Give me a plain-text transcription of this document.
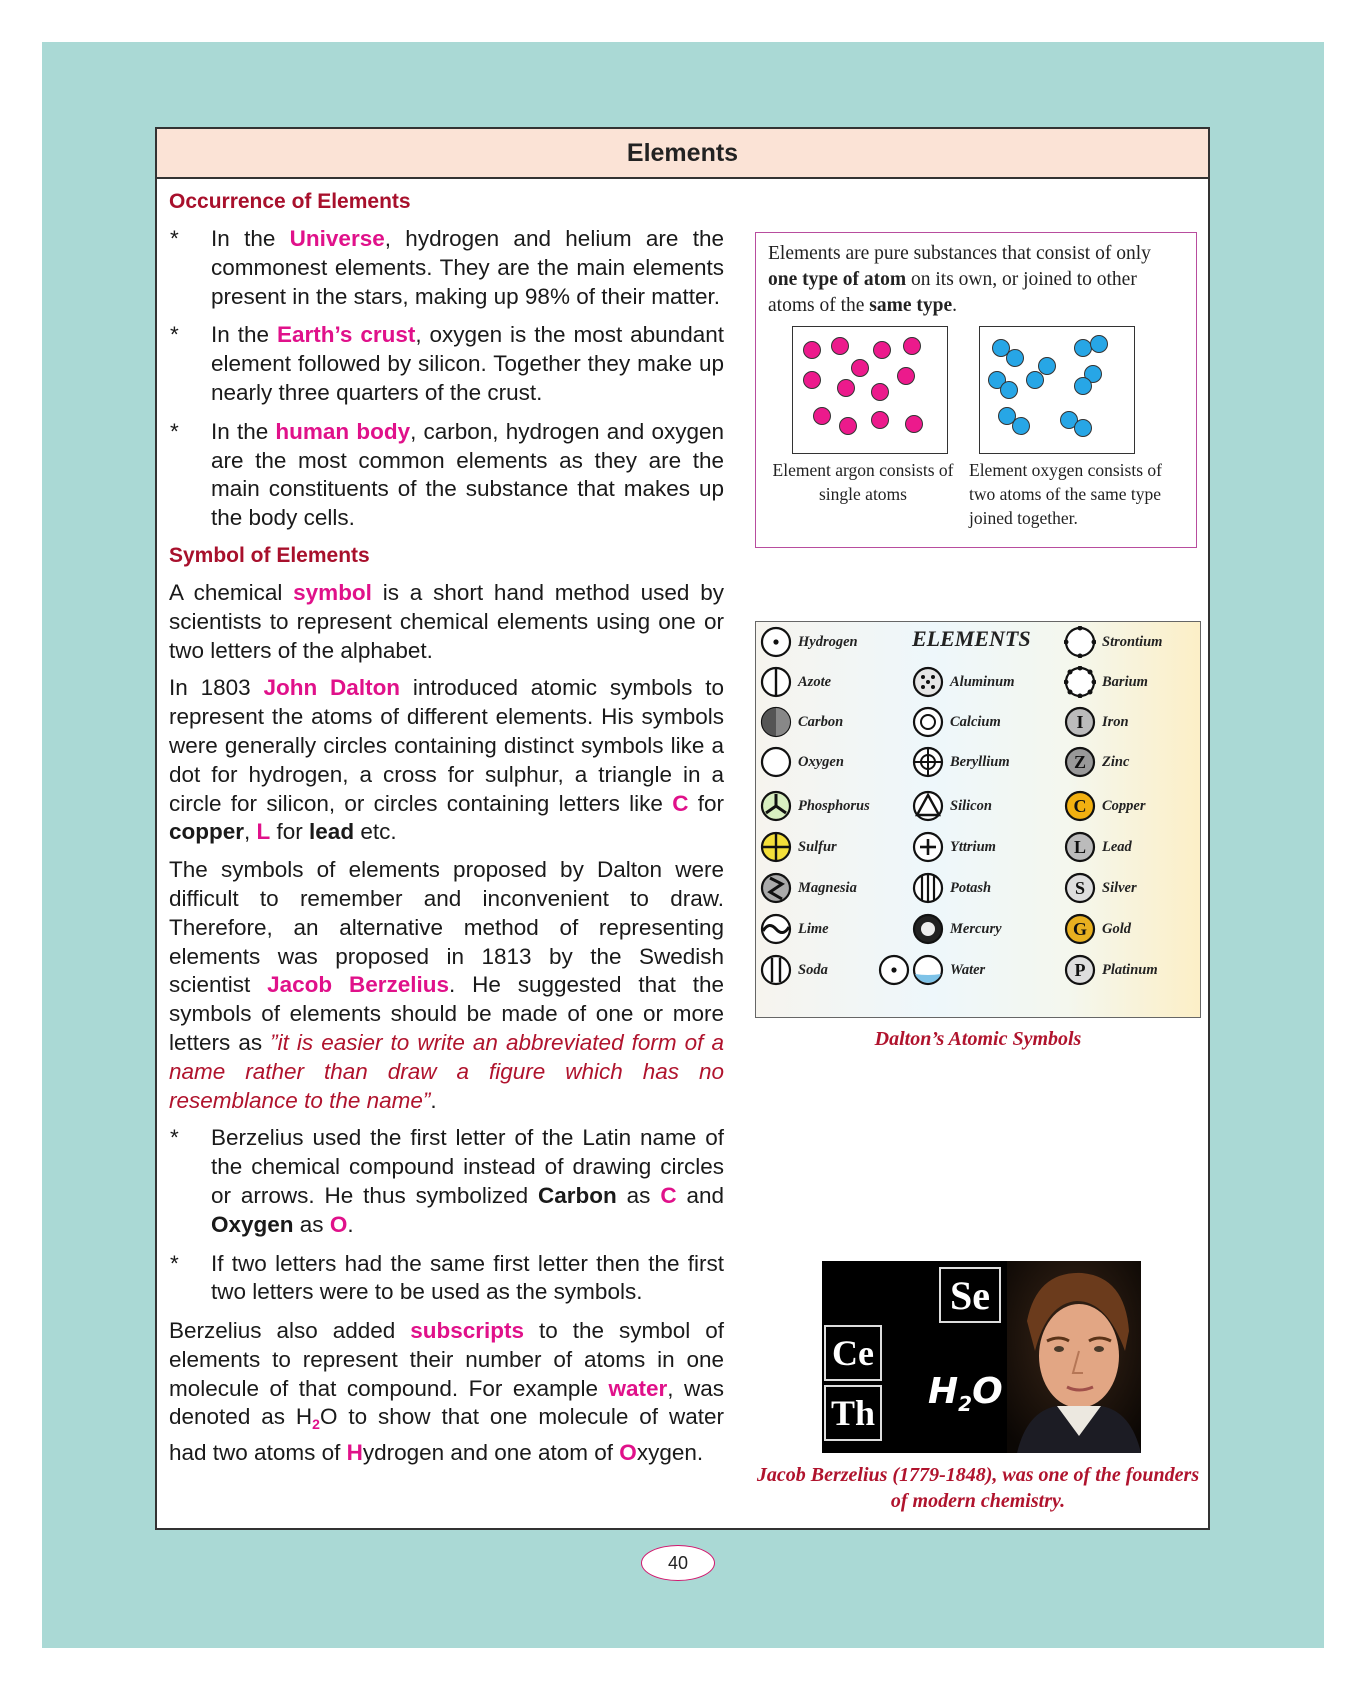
Elements
Occurrence of Elements
*	In the Universe, hydrogen and helium are the commonest elements. They are the main elements present in the stars, making up 98% of their matter.
*	In the Earth’s crust, oxygen is the most abundant element followed by silicon. Together they make up nearly three quarters of the crust.
*	In the human body, carbon, hydrogen and oxygen are the most common elements as they are the main constituents of the substance that makes up the body cells.
Symbol of Elements

A chemical symbol is a short hand method used by scientists to represent chemical elements using one or two letters of the alphabet.

In 1803 John Dalton introduced atomic symbols to represent the atoms of different elements. His symbols were generally circles containing distinct symbols like a dot for hydrogen, a cross for sulphur, a triangle in a circle for silicon, or circles containing letters like C for copper, L for lead etc.

The symbols of elements proposed by Dalton were difficult to remember and inconvenient to draw. Therefore, an alternative method of representing elements was proposed in 1813 by the Swedish scientist Jacob Berzelius. He suggested that the symbols of elements should be made of one or more letters as ”it is easier to write an abbreviated form of a name rather than draw a figure which has no resemblance to the name”.

*	Berzelius used the first letter of the Latin name of the chemical compound instead of drawing circles or arrows. He thus symbolized Carbon as C and Oxygen as O.
*	If two letters had the same first letter then the first two letters were to be used as the symbols.

Berzelius also added subscripts to the symbol of elements to represent their number of atoms in one molecule of that compound. For example water, was denoted as $H_2O$ to show that one molecule of water had two atoms of Hydrogen and one atom of Oxygen.

Elements are pure substances that consist of only one type of atom on its own, or joined to other atoms of the same type.
Element argon consists of single atoms
Element oxygen consists of two atoms of the same type joined together.
ELEMENTS
Hydrogen
Azote
Carbon
Oxygen
Phosphorus
Sulfur
Magnesia
Lime
Soda
Aluminum
Calcium
Beryllium
Silicon
Yttrium
Potash
Mercury
Water
Strontium
Barium
I Iron
Z Zinc
C Copper
L Lead
S Silver
G Gold
P Platinum
Dalton’s Atomic Symbols
Se
Ce
Th
$H_2O$
Jacob Berzelius (1779-1848), was one of the founders of modern chemistry.
40
